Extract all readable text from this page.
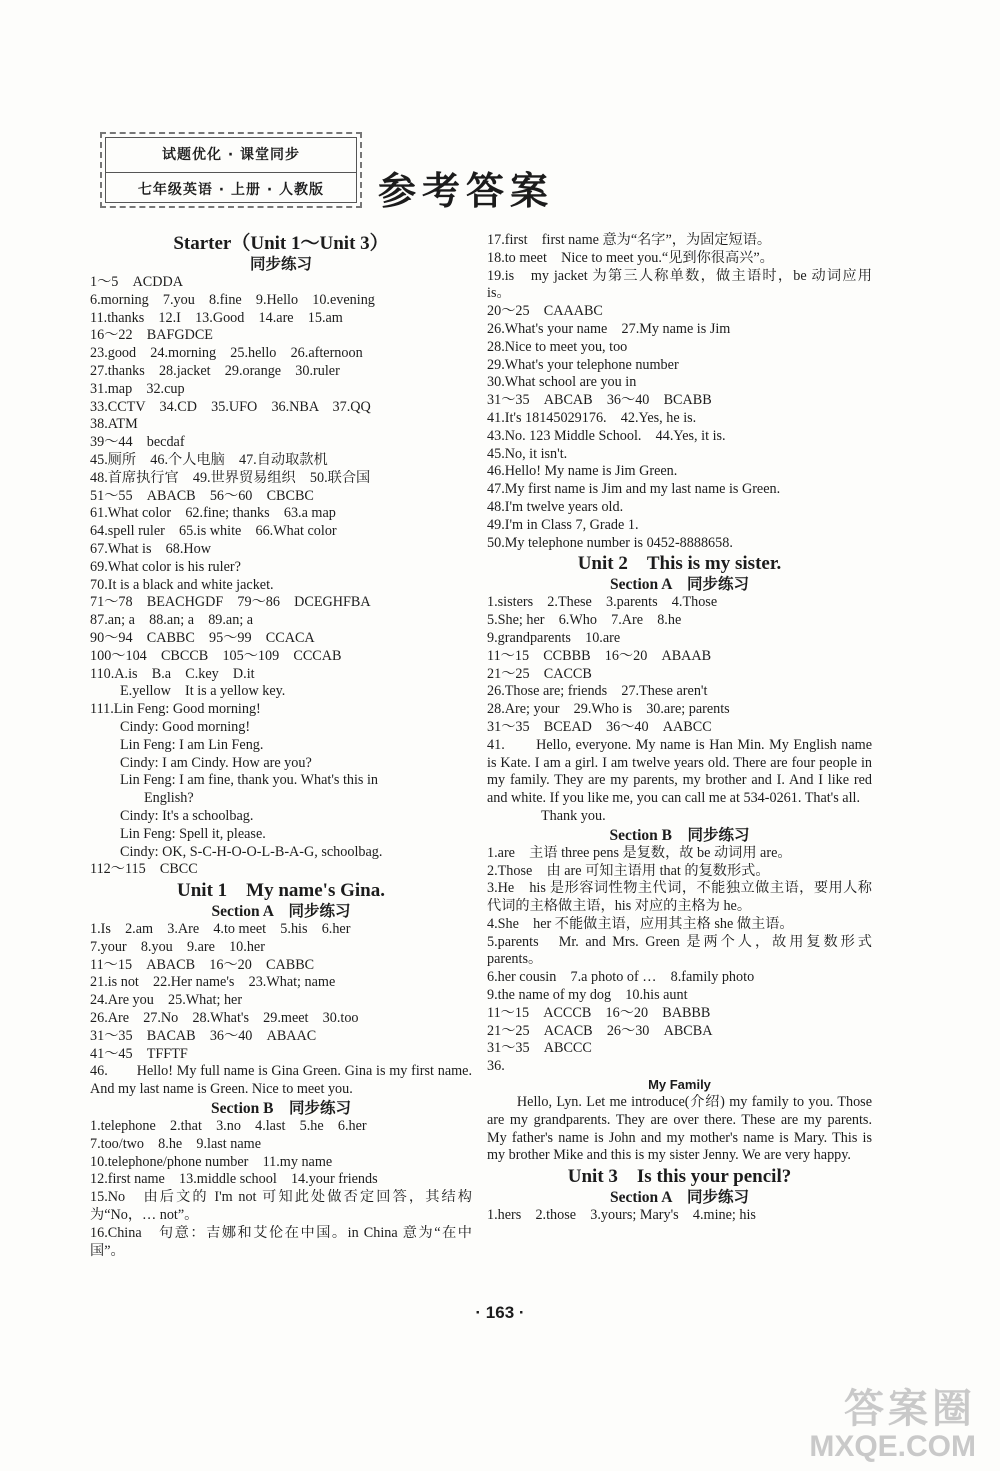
试题优化 · 课堂同步
七年级英语 · 上册 · 人教版	参考答案
Starter（Unit 1～Unit 3）
同步练习
1～5　ACDDA
6.morning　7.you　8.fine　9.Hello　10.evening
11.thanks　12.I　13.Good　14.are　15.am
16～22　BAFGDCE
23.good　24.morning　25.hello　26.afternoon
27.thanks　28.jacket　29.orange　30.ruler
31.map　32.cup
33.CCTV　34.CD　35.UFO　36.NBA　37.QQ
38.ATM
39～44　becdaf
45.厕所　46.个人电脑　47.自动取款机
48.首席执行官　49.世界贸易组织　50.联合国
51～55　ABACB　56～60　CBCBC
61.What color　62.fine; thanks　63.a map
64.spell ruler　65.is white　66.What color
67.What is　68.How
69.What color is his ruler?
70.It is a black and white jacket.
71～78　BEACHGDF　79～86　DCEGHFBA
87.an; a　88.an; a　89.an; a
90～94　CABBC　95～99　CCACA
100～104　CBCCB　105～109　CCCAB
110.A.is　B.a　C.key　D.it
E.yellow　It is a yellow key.
111.Lin Feng: Good morning!
Cindy: Good morning!
Lin Feng: I am Lin Feng.
Cindy: I am Cindy. How are you?
Lin Feng: I am fine, thank you. What's this in
English?
Cindy: It's a schoolbag.
Lin Feng: Spell it, please.
Cindy: OK, S-C-H-O-O-L-B-A-G, schoolbag.
112～115　CBCC
Unit 1　My name's Gina.
Section A　同步练习
1.Is　2.am　3.Are　4.to meet　5.his　6.her
7.your　8.you　9.are　10.her
11～15　ABACB　16～20　CABBC
21.is not　22.Her name's　23.What; name
24.Are you　25.What; her
26.Are　27.No　28.What's　29.meet　30.too
31～35　BACAB　36～40　ABAAC
41～45　TFFTF
46.　　Hello! My full name is Gina Green. Gina is my first name. And my last name is Green. Nice to meet you.
Section B　同步练习
1.telephone　2.that　3.no　4.last　5.he　6.her
7.too/two　8.he　9.last name
10.telephone/phone number　11.my name
12.first name　13.middle school　14.your friends
15.No　由后文的 I'm not 可知此处做否定回答，其结构为“No，… not”。
16.China　句意：吉娜和艾伦在中国。in China 意为“在中国”。
17.first　first name 意为“名字”，为固定短语。
18.to meet　Nice to meet you.“见到你很高兴”。
19.is　my jacket 为第三人称单数，做主语时，be 动词应用 is。
20～25　CAAABC
26.What's your name　27.My name is Jim
28.Nice to meet you, too
29.What's your telephone number
30.What school are you in
31～35　ABCAB　36～40　BCABB
41.It's 18145029176.　42.Yes, he is.
43.No. 123 Middle School.　44.Yes, it is.
45.No, it isn't.
46.Hello! My name is Jim Green.
47.My first name is Jim and my last name is Green.
48.I'm twelve years old.
49.I'm in Class 7, Grade 1.
50.My telephone number is 0452-8888658.
Unit 2　This is my sister.
Section A　同步练习
1.sisters　2.These　3.parents　4.Those
5.She; her　6.Who　7.Are　8.he
9.grandparents　10.are
11～15　CCBBB　16～20　ABAAB
21～25　CACCB
26.Those are; friends　27.These aren't
28.Are; your　29.Who is　30.are; parents
31～35　BCEAD　36～40　AABCC
41.　　Hello, everyone. My name is Han Min. My English name is Kate. I am a girl. I am twelve years old. There are four people in my family. They are my parents, my brother and I. And I like red and white. If you like me, you can call me at 534-0261. That's all.
Thank you.
Section B　同步练习
1.are　主语 three pens 是复数，故 be 动词用 are。
2.Those　由 are 可知主语用 that 的复数形式。
3.He　his 是形容词性物主代词，不能独立做主语，要用人称代词的主格做主语，his 对应的主格为 he。
4.She　her 不能做主语，应用其主格 she 做主语。
5.parents　Mr. and Mrs. Green 是两个人，故用复数形式 parents。
6.her cousin　7.a photo of …　8.family photo
9.the name of my dog　10.his aunt
11～15　ACCCB　16～20　BABBB
21～25　ACACB　26～30　ABCBA
31～35　ABCCC
36.
My Family
　　Hello, Lyn. Let me introduce(介绍) my family to you. Those are my grandparents. They are over there. These are my parents. My father's name is John and my mother's name is Mary. This is my brother Mike and this is my sister Jenny. We are very happy.
Unit 3　Is this your pencil?
Section A　同步练习
1.hers　2.those　3.yours; Mary's　4.mine; his
· 163 ·
答案圈
MXQE.COM
